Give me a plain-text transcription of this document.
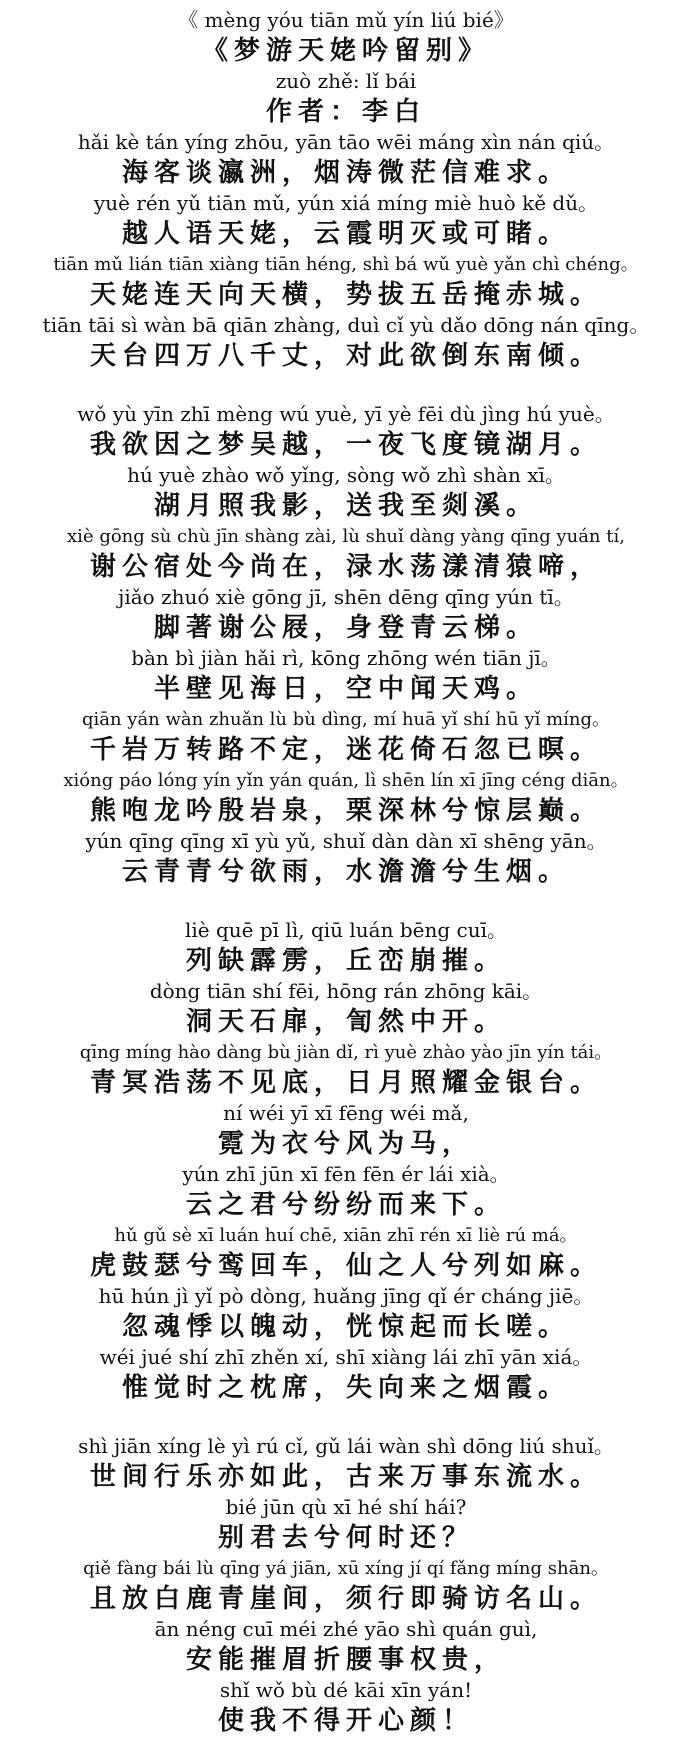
《 mèng yóu tiān mǔ yín liú bié》
《梦游天姥吟留别》
zuò zhě: lǐ bái
作者：李白
hǎi kè tán yíng zhōu, yān tāo wēi máng xìn nán qiú。
海客谈瀛洲，烟涛微茫信难求。
yuè rén yǔ tiān mǔ, yún xiá míng miè huò kě dǔ。
越人语天姥，云霞明灭或可睹。
tiān mǔ lián tiān xiàng tiān héng, shì bá wǔ yuè yǎn chì chéng。
天姥连天向天横，势拔五岳掩赤城。
tiān tāi sì wàn bā qiān zhàng, duì cǐ yù dǎo dōng nán qīng。
天台四万八千丈，对此欲倒东南倾。
wǒ yù yīn zhī mèng wú yuè, yī yè fēi dù jìng hú yuè。
我欲因之梦吴越，一夜飞度镜湖月。
hú yuè zhào wǒ yǐng, sòng wǒ zhì shàn xī。
湖月照我影，送我至剡溪。
xiè gōng sù chù jīn shàng zài, lù shuǐ dàng yàng qīng yuán tí,
谢公宿处今尚在，渌水荡漾清猿啼，
jiǎo zhuó xiè gōng jī, shēn dēng qīng yún tī。
脚著谢公屐，身登青云梯。
bàn bì jiàn hǎi rì, kōng zhōng wén tiān jī。
半壁见海日，空中闻天鸡。
qiān yán wàn zhuǎn lù bù dìng, mí huā yǐ shí hū yǐ míng。
千岩万转路不定，迷花倚石忽已暝。
xióng páo lóng yín yǐn yán quán, lì shēn lín xī jīng céng diān。
熊咆龙吟殷岩泉，栗深林兮惊层巅。
yún qīng qīng xī yù yǔ, shuǐ dàn dàn xī shēng yān。
云青青兮欲雨，水澹澹兮生烟。
liè quē pī lì, qiū luán bēng cuī。
列缺霹雳，丘峦崩摧。
dòng tiān shí fēi, hōng rán zhōng kāi。
洞天石扉，訇然中开。
qīng míng hào dàng bù jiàn dǐ, rì yuè zhào yào jīn yín tái。
青冥浩荡不见底，日月照耀金银台。
ní wéi yī xī fēng wéi mǎ,
霓为衣兮风为马，
yún zhī jūn xī fēn fēn ér lái xià。
云之君兮纷纷而来下。
hǔ gǔ sè xī luán huí chē, xiān zhī rén xī liè rú má。
虎鼓瑟兮鸾回车，仙之人兮列如麻。
hū hún jì yǐ pò dòng, huǎng jīng qǐ ér cháng jiē。
忽魂悸以魄动，恍惊起而长嗟。
wéi jué shí zhī zhěn xí, shī xiàng lái zhī yān xiá。
惟觉时之枕席，失向来之烟霞。
shì jiān xíng lè yì rú cǐ, gǔ lái wàn shì dōng liú shuǐ。
世间行乐亦如此，古来万事东流水。
bié jūn qù xī hé shí hái?
别君去兮何时还？
qiě fàng bái lù qīng yá jiān, xū xíng jí qí fǎng míng shān。
且放白鹿青崖间，须行即骑访名山。
ān néng cuī méi zhé yāo shì quán guì,
安能摧眉折腰事权贵，
shǐ wǒ bù dé kāi xīn yán!
使我不得开心颜！
